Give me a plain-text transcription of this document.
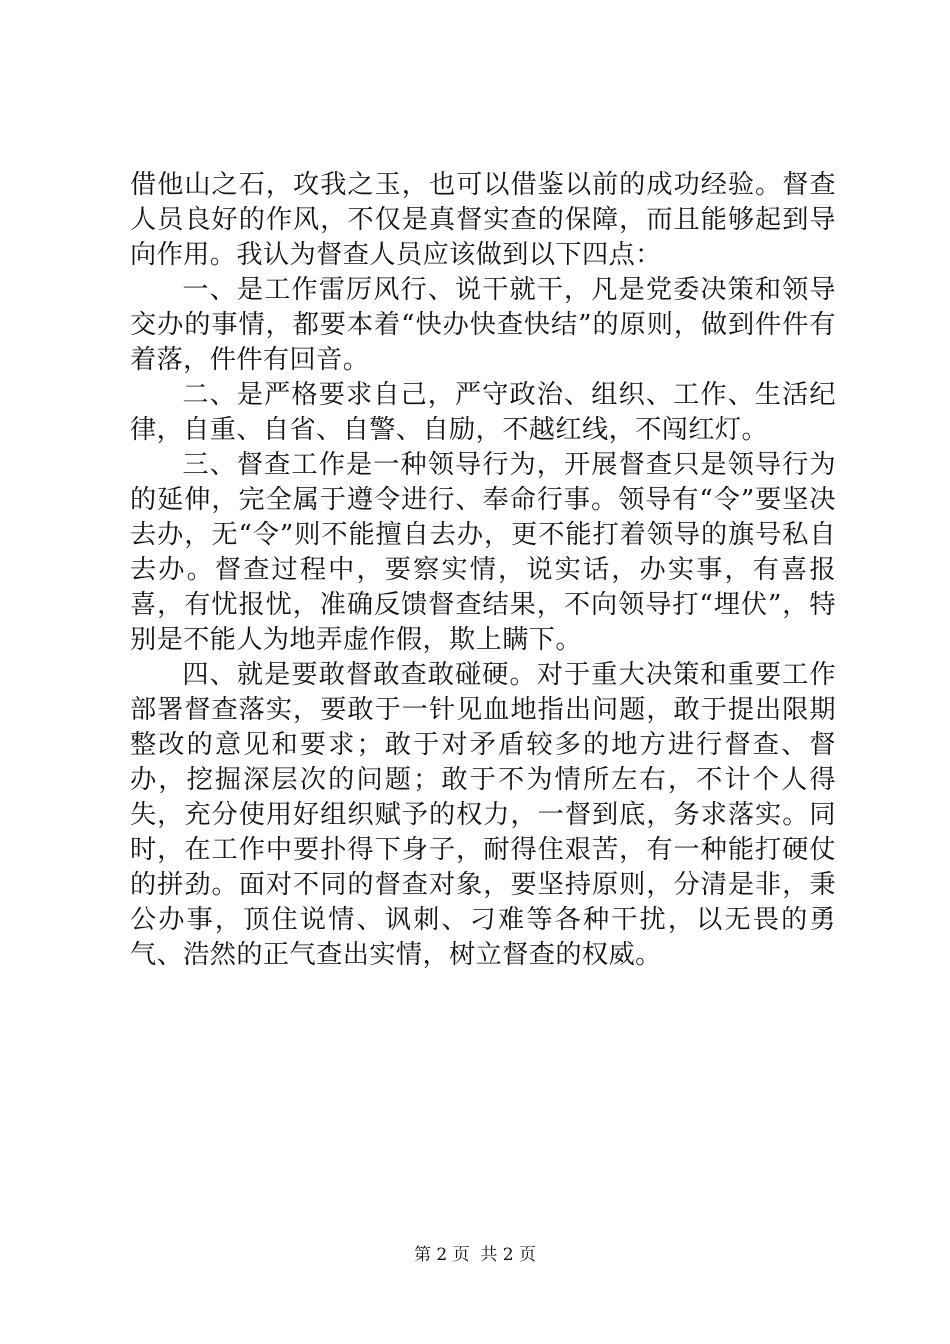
借他山之石，攻我之玉，也可以借鉴以前的成功经验。督查人员良好的作风，不仅是真督实查的保障，而且能够起到导向作用。我认为督查人员应该做到以下四点：

一、是工作雷厉风行、说干就干，凡是党委决策和领导交办的事情，都要本着“快办快查快结”的原则，做到件件有着落，件件有回音。

二、是严格要求自己，严守政治、组织、工作、生活纪律，自重、自省、自警、自励，不越红线，不闯红灯。

三、督查工作是一种领导行为，开展督查只是领导行为的延伸，完全属于遵令进行、奉命行事。领导有“令”要坚决去办，无“令”则不能擅自去办，更不能打着领导的旗号私自去办。督查过程中，要察实情，说实话，办实事，有喜报喜，有忧报忧，准确反馈督查结果，不向领导打“埋伏”，特别是不能人为地弄虚作假，欺上瞒下。

四、就是要敢督敢查敢碰硬。对于重大决策和重要工作部署督查落实，要敢于一针见血地指出问题，敢于提出限期整改的意见和要求；敢于对矛盾较多的地方进行督查、督办，挖掘深层次的问题；敢于不为情所左右，不计个人得失，充分使用好组织赋予的权力，一督到底，务求落实。同时，在工作中要扑得下身子，耐得住艰苦，有一种能打硬仗的拼劲。面对不同的督查对象，要坚持原则，分清是非，秉公办事，顶住说情、讽刺、刁难等各种干扰，以无畏的勇气、浩然的正气查出实情，树立督查的权威。

第 2 页  共 2 页
